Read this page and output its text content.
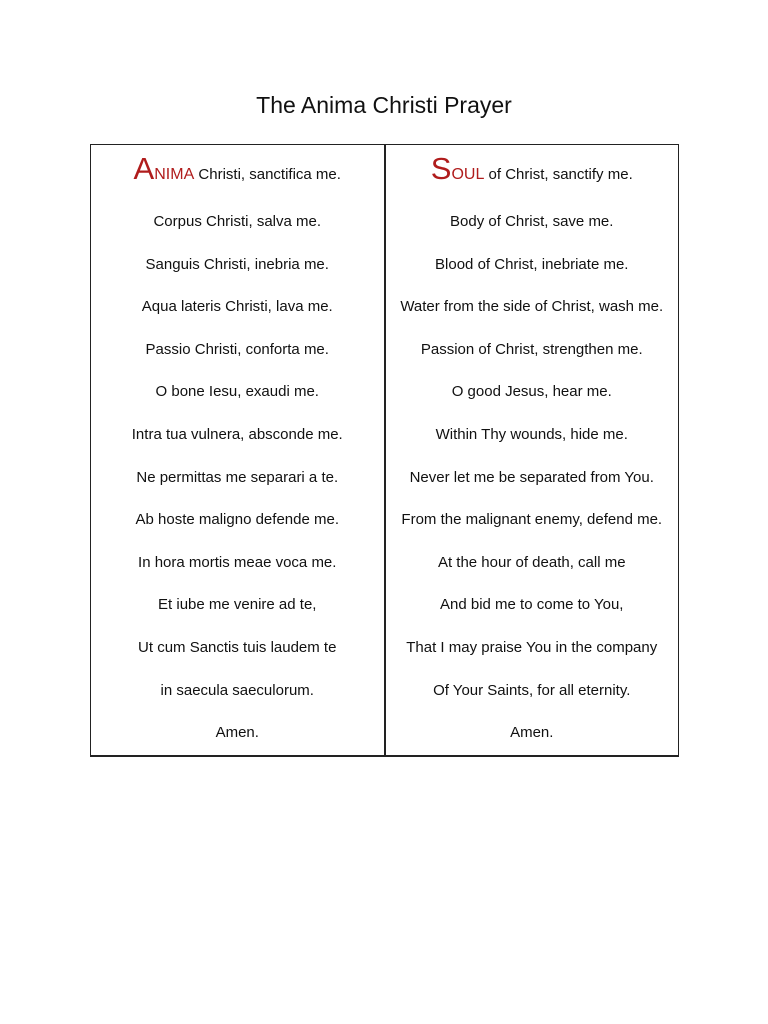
The Anima Christi Prayer
ANIMA Christi, sanctifica me.
Corpus Christi, salva me.
Sanguis Christi, inebria me.
Aqua lateris Christi, lava me.
Passio Christi, conforta me.
O bone Iesu, exaudi me.
Intra tua vulnera, absconde me.
Ne permittas me separari a te.
Ab hoste maligno defende me.
In hora mortis meae voca me.
Et iube me venire ad te,
Ut cum Sanctis tuis laudem te
in saecula saeculorum.
Amen.
SOUL of Christ, sanctify me.
Body of Christ, save me.
Blood of Christ, inebriate me.
Water from the side of Christ, wash me.
Passion of Christ, strengthen me.
O good Jesus, hear me.
Within Thy wounds, hide me.
Never let me be separated from You.
From the malignant enemy, defend me.
At the hour of death, call me
And bid me to come to You,
That I may praise You in the company
Of Your Saints, for all eternity.
Amen.
